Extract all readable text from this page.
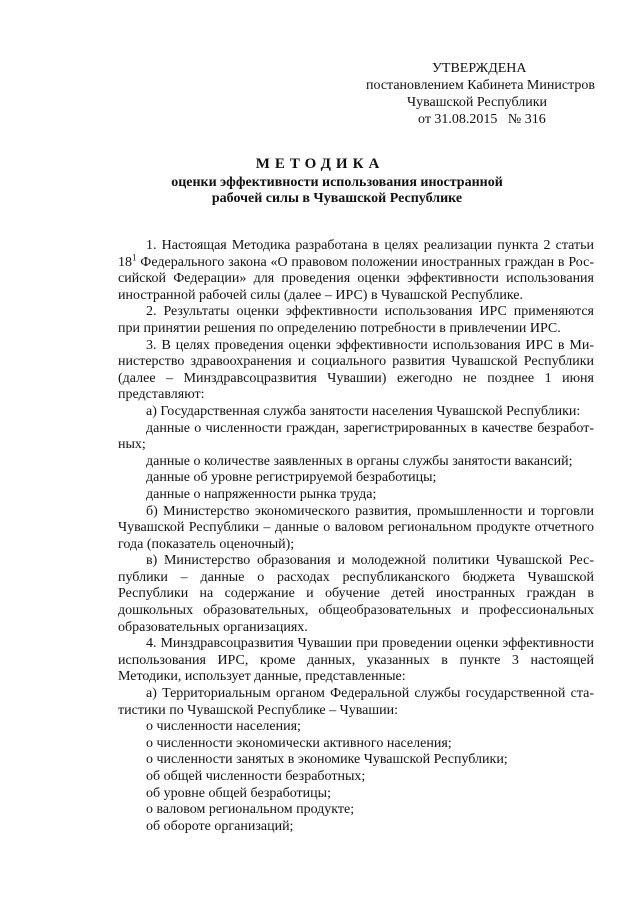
УТВЕРЖДЕНА
постановлением Кабинета Министров
Чувашской Республики
от 31.08.2015   № 316
МЕТОДИКА
оценки эффективности использования иностранной
рабочей силы в Чувашской Республике

1. Настоящая Методика разработана в целях реализации пункта 2 статьи $18^1$ Федерального закона «О правовом положении иностранных граждан в Российской Федерации» для проведения оценки эффективности использования иностранной рабочей силы (далее – ИРС) в Чувашской Республике.

2. Результаты оценки эффективности использования ИРС применяются при принятии решения по определению потребности в привлечении ИРС.

3. В целях проведения оценки эффективности использования ИРС в Министерство здравоохранения и социального развития Чувашской Республики (далее – Минздравсоцразвития Чувашии) ежегодно не позднее 1 июня представляют:

а) Государственная служба занятости населения Чувашской Республики:

данные о численности граждан, зарегистрированных в качестве безработных;

данные о количестве заявленных в органы службы занятости вакансий;

данные об уровне регистрируемой безработицы;

данные о напряженности рынка труда;

б) Министерство экономического развития, промышленности и торговли Чувашской Республики – данные о валовом региональном продукте отчетного года (показатель оценочный);

в) Министерство образования и молодежной политики Чувашской Республики – данные о расходах республиканского бюджета Чувашской Республики на содержание и обучение детей иностранных граждан в дошкольных образовательных, общеобразовательных и профессиональных образовательных организациях.

4. Минздравсоцразвития Чувашии при проведении оценки эффективности использования ИРС, кроме данных, указанных в пункте 3 настоящей Методики, использует данные, представленные:

а) Территориальным органом Федеральной службы государственной статистики по Чувашской Республике – Чувашии:

о численности населения;

о численности экономически активного населения;

о численности занятых в экономике Чувашской Республики;

об общей численности безработных;

об уровне общей безработицы;

о валовом региональном продукте;

об обороте организаций;
